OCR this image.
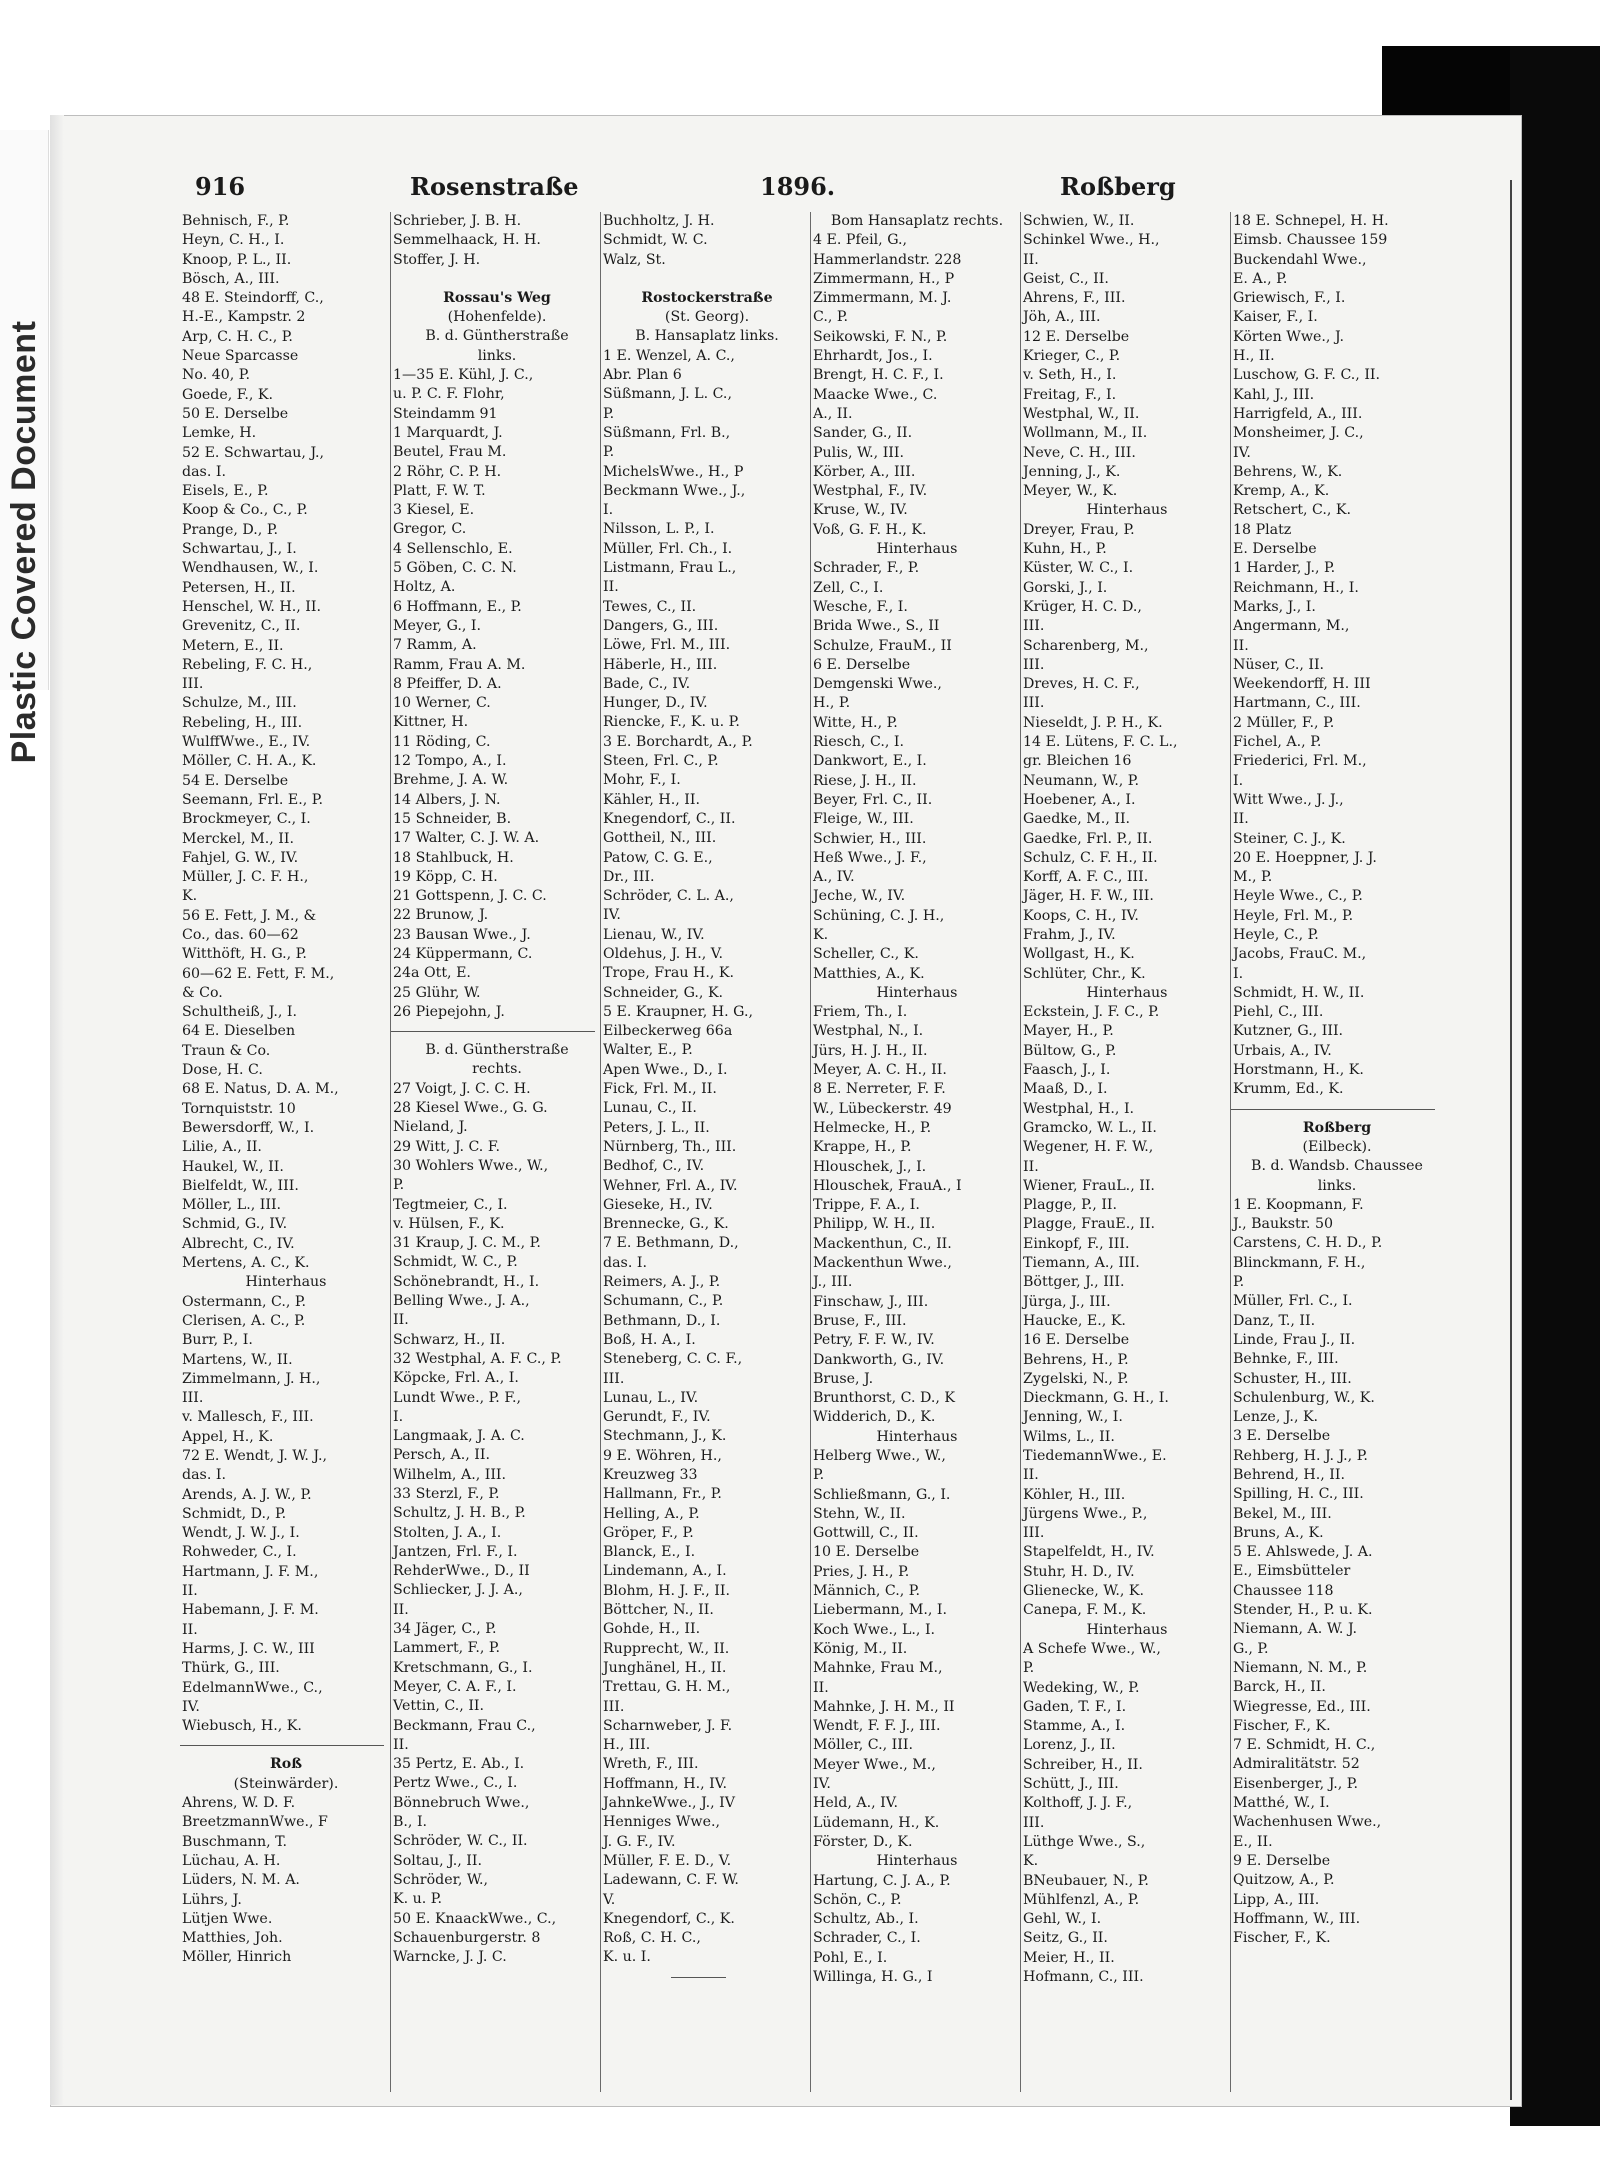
Plastic Covered Document
916	Rosenstraße	1896.	Roßberg
Behnisch, F., P.
Heyn, C. H., I.
Knoop, P. L., II.
Bösch, A., III.
48 E. Steindorff, C.,
H.-E., Kampstr. 2
Arp, C. H. C., P.
Neue Sparcasse
No. 40, P.
Goede, F., K.
50 E. Derselbe
Lemke, H.
52 E. Schwartau, J.,
das. I.
Eisels, E., P.
Koop & Co., C., P.
Prange, D., P.
Schwartau, J., I.
Wendhausen, W., I.
Petersen, H., II.
Henschel, W. H., II.
Grevenitz, C., II.
Metern, E., II.
Rebeling, F. C. H.,
III.
Schulze, M., III.
Rebeling, H., III.
WulffWwe., E., IV.
Möller, C. H. A., K.
54 E. Derselbe
Seemann, Frl. E., P.
Brockmeyer, C., I.
Merckel, M., II.
Fahjel, G. W., IV.
Müller, J. C. F. H.,
K.
56 E. Fett, J. M., &
Co., das. 60—62
Witthöft, H. G., P.
60—62 E. Fett, F. M.,
& Co.
Schultheiß, J., I.
64 E. Dieselben
Traun & Co.
Dose, H. C.
68 E. Natus, D. A. M.,
Tornquiststr. 10
Bewersdorff, W., I.
Lilie, A., II.
Haukel, W., II.
Bielfeldt, W., III.
Möller, L., III.
Schmid, G., IV.
Albrecht, C., IV.
Mertens, A. C., K.
Hinterhaus
Ostermann, C., P.
Clerisen, A. C., P.
Burr, P., I.
Martens, W., II.
Zimmelmann, J. H.,
III.
v. Mallesch, F., III.
Appel, H., K.
72 E. Wendt, J. W. J.,
das. I.
Arends, A. J. W., P.
Schmidt, D., P.
Wendt, J. W. J., I.
Rohweder, C., I.
Hartmann, J. F. M.,
II.
Habemann, J. F. M.
II.
Harms, J. C. W., III
Thürk, G., III.
EdelmannWwe., C.,
IV.
Wiebusch, H., K.
Roß
(Steinwärder).
Ahrens, W. D. F.
BreetzmannWwe., F
Buschmann, T.
Lüchau, A. H.
Lüders, N. M. A.
Lührs, J.
Lütjen Wwe.
Matthies, Joh.
Möller, Hinrich
Schrieber, J. B. H.
Semmelhaack, H. H.
Stoffer, J. H.
Rossau's Weg
(Hohenfelde).
B. d. Güntherstraße
links.
1—35 E. Kühl, J. C.,
u. P. C. F. Flohr,
Steindamm 91
1 Marquardt, J.
Beutel, Frau M.
2 Röhr, C. P. H.
Platt, F. W. T.
3 Kiesel, E.
Gregor, C.
4 Sellenschlo, E.
5 Göben, C. C. N.
Holtz, A.
6 Hoffmann, E., P.
Meyer, G., I.
7 Ramm, A.
Ramm, Frau A. M.
8 Pfeiffer, D. A.
10 Werner, C.
Kittner, H.
11 Röding, C.
12 Tompo, A., I.
Brehme, J. A. W.
14 Albers, J. N.
15 Schneider, B.
17 Walter, C. J. W. A.
18 Stahlbuck, H.
19 Köpp, C. H.
21 Gottspenn, J. C. C.
22 Brunow, J.
23 Bausan Wwe., J.
24 Küppermann, C.
24a Ott, E.
25 Glühr, W.
26 Piepejohn, J.
B. d. Güntherstraße
rechts.
27 Voigt, J. C. C. H.
28 Kiesel Wwe., G. G.
Nieland, J.
29 Witt, J. C. F.
30 Wohlers Wwe., W.,
P.
Tegtmeier, C., I.
v. Hülsen, F., K.
31 Kraup, J. C. M., P.
Schmidt, W. C., P.
Schönebrandt, H., I.
Belling Wwe., J. A.,
II.
Schwarz, H., II.
32 Westphal, A. F. C., P.
Köpcke, Frl. A., I.
Lundt Wwe., P. F.,
I.
Langmaak, J. A. C.
Persch, A., II.
Wilhelm, A., III.
33 Sterzl, F., P.
Schultz, J. H. B., P.
Stolten, J. A., I.
Jantzen, Frl. F., I.
RehderWwe., D., II
Schliecker, J. J. A.,
II.
34 Jäger, C., P.
Lammert, F., P.
Kretschmann, G., I.
Meyer, C. A. F., I.
Vettin, C., II.
Beckmann, Frau C.,
II.
35 Pertz, E. Ab., I.
Pertz Wwe., C., I.
Bönnebruch Wwe.,
B., I.
Schröder, W. C., II.
Soltau, J., II.
Schröder, W.,
K. u. P.
50 E. KnaackWwe., C.,
Schauenburgerstr. 8
Warncke, J. J. C.
Buchholtz, J. H.
Schmidt, W. C.
Walz, St.
Rostockerstraße
(St. Georg).
B. Hansaplatz links.
1 E. Wenzel, A. C.,
Abr. Plan 6
Süßmann, J. L. C.,
P.
Süßmann, Frl. B.,
P.
MichelsWwe., H., P
Beckmann Wwe., J.,
I.
Nilsson, L. P., I.
Müller, Frl. Ch., I.
Listmann, Frau L.,
II.
Tewes, C., II.
Dangers, G., III.
Löwe, Frl. M., III.
Häberle, H., III.
Bade, C., IV.
Hunger, D., IV.
Riencke, F., K. u. P.
3 E. Borchardt, A., P.
Steen, Frl. C., P.
Mohr, F., I.
Kähler, H., II.
Knegendorf, C., II.
Gottheil, N., III.
Patow, C. G. E.,
Dr., III.
Schröder, C. L. A.,
IV.
Lienau, W., IV.
Oldehus, J. H., V.
Trope, Frau H., K.
Schneider, G., K.
5 E. Kraupner, H. G.,
Eilbeckerweg 66a
Walter, E., P.
Apen Wwe., D., I.
Fick, Frl. M., II.
Lunau, C., II.
Peters, J. L., II.
Nürnberg, Th., III.
Bedhof, C., IV.
Wehner, Frl. A., IV.
Gieseke, H., IV.
Brennecke, G., K.
7 E. Bethmann, D.,
das. I.
Reimers, A. J., P.
Schumann, C., P.
Bethmann, D., I.
Boß, H. A., I.
Steneberg, C. C. F.,
III.
Lunau, L., IV.
Gerundt, F., IV.
Stechmann, J., K.
9 E. Wöhren, H.,
Kreuzweg 33
Hallmann, Fr., P.
Helling, A., P.
Gröper, F., P.
Blanck, E., I.
Lindemann, A., I.
Blohm, H. J. F., II.
Böttcher, N., II.
Gohde, H., II.
Rupprecht, W., II.
Junghänel, H., II.
Trettau, G. H. M.,
III.
Scharnweber, J. F.
H., III.
Wreth, F., III.
Hoffmann, H., IV.
JahnkeWwe., J., IV
Henniges Wwe.,
J. G. F., IV.
Müller, F. E. D., V.
Ladewann, C. F. W.
V.
Knegendorf, C., K.
Roß, C. H. C.,
K. u. I.
Bom Hansaplatz rechts.
4 E. Pfeil, G.,
Hammerlandstr. 228
Zimmermann, H., P
Zimmermann, M. J.
C., P.
Seikowski, F. N., P.
Ehrhardt, Jos., I.
Brengt, H. C. F., I.
Maacke Wwe., C.
A., II.
Sander, G., II.
Pulis, W., III.
Körber, A., III.
Westphal, F., IV.
Kruse, W., IV.
Voß, G. F. H., K.
Hinterhaus
Schrader, F., P.
Zell, C., I.
Wesche, F., I.
Brida Wwe., S., II
Schulze, FrauM., II
6 E. Derselbe
Demgenski Wwe.,
H., P.
Witte, H., P.
Riesch, C., I.
Dankwort, E., I.
Riese, J. H., II.
Beyer, Frl. C., II.
Fleige, W., III.
Schwier, H., III.
Heß Wwe., J. F.,
A., IV.
Jeche, W., IV.
Schüning, C. J. H.,
K.
Scheller, C., K.
Matthies, A., K.
Hinterhaus
Friem, Th., I.
Westphal, N., I.
Jürs, H. J. H., II.
Meyer, A. C. H., II.
8 E. Nerreter, F. F.
W., Lübeckerstr. 49
Helmecke, H., P.
Krappe, H., P.
Hlouschek, J., I.
Hlouschek, FrauA., I
Trippe, F. A., I.
Philipp, W. H., II.
Mackenthun, C., II.
Mackenthun Wwe.,
J., III.
Finschaw, J., III.
Bruse, F., III.
Petry, F. F. W., IV.
Dankworth, G., IV.
Bruse, J.
Brunthorst, C. D., K
Widderich, D., K.
Hinterhaus
Helberg Wwe., W.,
P.
Schließmann, G., I.
Stehn, W., II.
Gottwill, C., II.
10 E. Derselbe
Pries, J. H., P.
Männich, C., P.
Liebermann, M., I.
Koch Wwe., L., I.
König, M., II.
Mahnke, Frau M.,
II.
Mahnke, J. H. M., II
Wendt, F. F. J., III.
Möller, C., III.
Meyer Wwe., M.,
IV.
Held, A., IV.
Lüdemann, H., K.
Förster, D., K.
Hinterhaus
Hartung, C. J. A., P.
Schön, C., P.
Schultz, Ab., I.
Schrader, C., I.
Pohl, E., I.
Willinga, H. G., I
Schwien, W., II.
Schinkel Wwe., H.,
II.
Geist, C., II.
Ahrens, F., III.
Jöh, A., III.
12 E. Derselbe
Krieger, C., P.
v. Seth, H., I.
Freitag, F., I.
Westphal, W., II.
Wollmann, M., II.
Neve, C. H., III.
Jenning, J., K.
Meyer, W., K.
Hinterhaus
Dreyer, Frau, P.
Kuhn, H., P.
Küster, W. C., I.
Gorski, J., I.
Krüger, H. C. D.,
III.
Scharenberg, M.,
III.
Dreves, H. C. F.,
III.
Nieseldt, J. P. H., K.
14 E. Lütens, F. C. L.,
gr. Bleichen 16
Neumann, W., P.
Hoebener, A., I.
Gaedke, M., II.
Gaedke, Frl. P., II.
Schulz, C. F. H., II.
Korff, A. F. C., III.
Jäger, H. F. W., III.
Koops, C. H., IV.
Frahm, J., IV.
Wollgast, H., K.
Schlüter, Chr., K.
Hinterhaus
Eckstein, J. F. C., P.
Mayer, H., P.
Bültow, G., P.
Faasch, J., I.
Maaß, D., I.
Westphal, H., I.
Gramcko, W. L., II.
Wegener, H. F. W.,
II.
Wiener, FrauL., II.
Plagge, P., II.
Plagge, FrauE., II.
Einkopf, F., III.
Tiemann, A., III.
Böttger, J., III.
Jürga, J., III.
Haucke, E., K.
16 E. Derselbe
Behrens, H., P.
Zygelski, N., P.
Dieckmann, G. H., I.
Jenning, W., I.
Wilms, L., II.
TiedemannWwe., E.
II.
Köhler, H., III.
Jürgens Wwe., P.,
III.
Stapelfeldt, H., IV.
Stuhr, H. D., IV.
Glienecke, W., K.
Canepa, F. M., K.
Hinterhaus
A Schefe Wwe., W.,
P.
Wedeking, W., P.
Gaden, T. F., I.
Stamme, A., I.
Lorenz, J., II.
Schreiber, H., II.
Schütt, J., III.
Kolthoff, J. J. F.,
III.
Lüthge Wwe., S.,
K.
BNeubauer, N., P.
Mühlfenzl, A., P.
Gehl, W., I.
Seitz, G., II.
Meier, H., II.
Hofmann, C., III.
18 E. Schnepel, H. H.
Eimsb. Chaussee 159
Buckendahl Wwe.,
E. A., P.
Griewisch, F., I.
Kaiser, F., I.
Körten Wwe., J.
H., II.
Luschow, G. F. C., II.
Kahl, J., III.
Harrigfeld, A., III.
Monsheimer, J. C.,
IV.
Behrens, W., K.
Kremp, A., K.
Retschert, C., K.
18 Platz
E. Derselbe
1 Harder, J., P.
Reichmann, H., I.
Marks, J., I.
Angermann, M.,
II.
Nüser, C., II.
Weekendorff, H. III
Hartmann, C., III.
2 Müller, F., P.
Fichel, A., P.
Friederici, Frl. M.,
I.
Witt Wwe., J. J.,
II.
Steiner, C. J., K.
20 E. Hoeppner, J. J.
M., P.
Heyle Wwe., C., P.
Heyle, Frl. M., P.
Heyle, C., P.
Jacobs, FrauC. M.,
I.
Schmidt, H. W., II.
Piehl, C., III.
Kutzner, G., III.
Urbais, A., IV.
Horstmann, H., K.
Krumm, Ed., K.
Roßberg
(Eilbeck).
B. d. Wandsb. Chaussee
links.
1 E. Koopmann, F.
J., Baukstr. 50
Carstens, C. H. D., P.
Blinckmann, F. H.,
P.
Müller, Frl. C., I.
Danz, T., II.
Linde, Frau J., II.
Behnke, F., III.
Schuster, H., III.
Schulenburg, W., K.
Lenze, J., K.
3 E. Derselbe
Rehberg, H. J. J., P.
Behrend, H., II.
Spilling, H. C., III.
Bekel, M., III.
Bruns, A., K.
5 E. Ahlswede, J. A.
E., Eimsbütteler
Chaussee 118
Stender, H., P. u. K.
Niemann, A. W. J.
G., P.
Niemann, N. M., P.
Barck, H., II.
Wiegresse, Ed., III.
Fischer, F., K.
7 E. Schmidt, H. C.,
Admiralitätstr. 52
Eisenberger, J., P.
Matthé, W., I.
Wachenhusen Wwe.,
E., II.
9 E. Derselbe
Quitzow, A., P.
Lipp, A., III.
Hoffmann, W., III.
Fischer, F., K.
